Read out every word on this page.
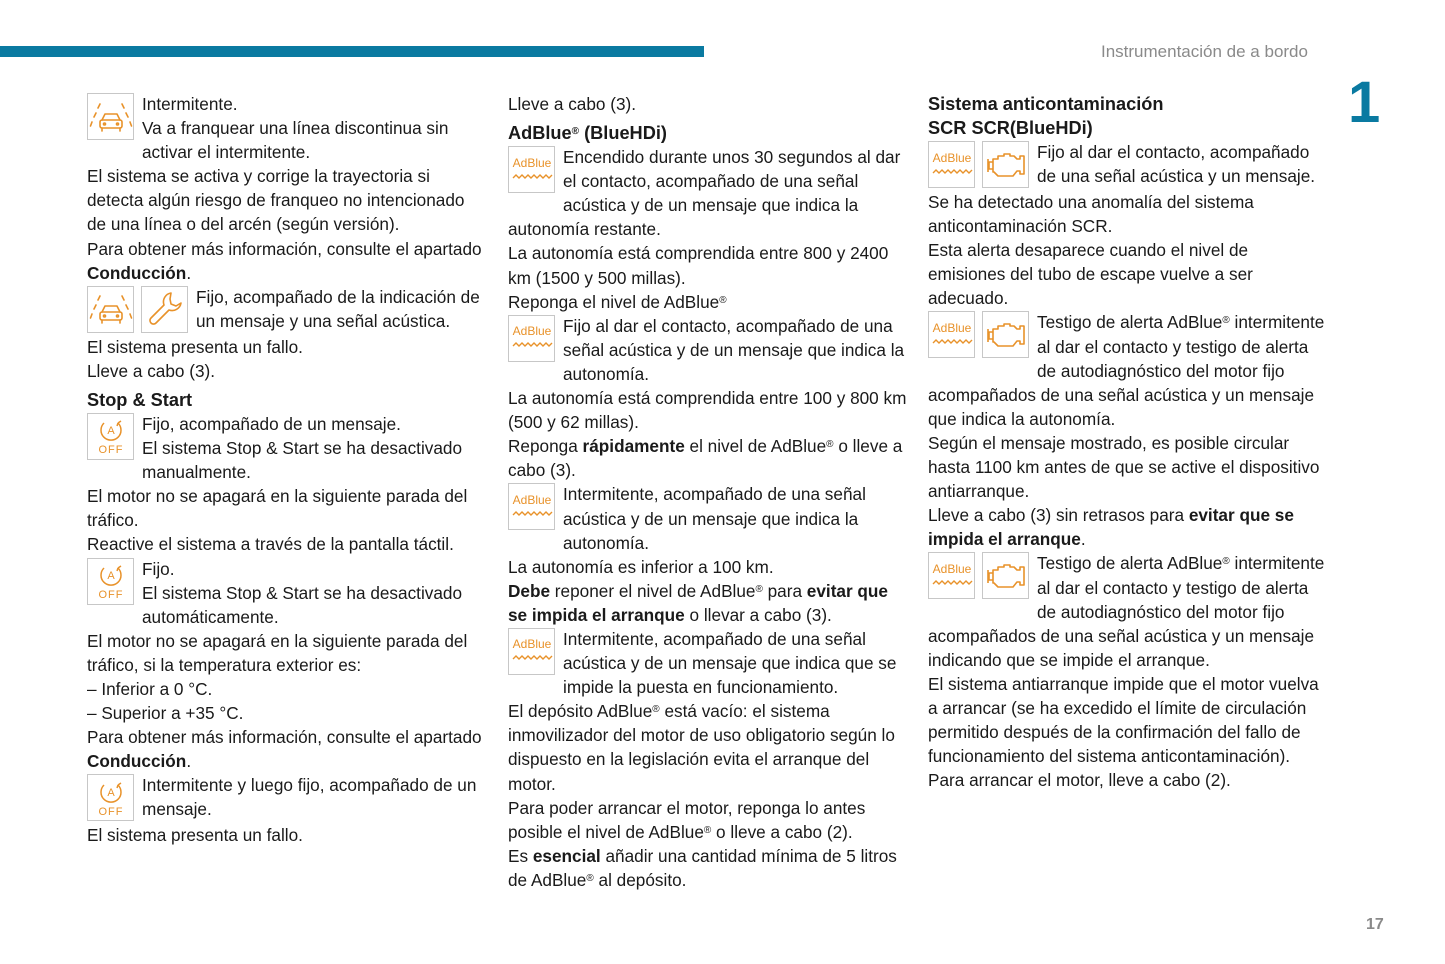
Instrumentación de a bordo
1
17

Intermitente.

Va a franquear una línea discontinua sin activar el intermitente.

El sistema se activa y corrige la trayectoria si detecta algún riesgo de franqueo no intencionado de una línea o del arcén (según versión).

Para obtener más información, consulte el apartado Conducción.

Fijo, acompañado de la indicación de un mensaje y una señal acústica.

El sistema presenta un fallo.

Lleve a cabo (3).

Stop & Start
A
OFF

Fijo, acompañado de un mensaje.

El sistema Stop & Start se ha desactivado manualmente.

El motor no se apagará en la siguiente parada del tráfico.

Reactive el sistema a través de la pantalla táctil.

A
OFF

Fijo.

El sistema Stop & Start se ha desactivado automáticamente.

El motor no se apagará en la siguiente parada del tráfico, si la temperatura exterior es:

– Inferior a 0 °C.

– Superior a +35 °C.

Para obtener más información, consulte el apartado Conducción.

A
OFF

Intermitente y luego fijo, acompañado de un mensaje.

El sistema presenta un fallo.

Lleve a cabo (3).

AdBlue® (BlueHDi)
AdBlue Encendido durante unos 30 segundos al dar el contacto, acompañado de una señal acústica y de un mensaje que indica la autonomía restante.

La autonomía está comprendida entre 800 y 2400 km (1500 y 500 millas).

Reponga el nivel de AdBlue®

AdBlue Fijo al dar el contacto, acompañado de una señal acústica y de un mensaje que indica la autonomía.

La autonomía está comprendida entre 100 y 800 km (500 y 62 millas).

Reponga rápidamente el nivel de AdBlue® o lleve a cabo (3).

AdBlue Intermitente, acompañado de una señal acústica y de un mensaje que indica la autonomía.

La autonomía es inferior a 100 km.

Debe reponer el nivel de AdBlue® para evitar que se impida el arranque o llevar a cabo (3).

AdBlue Intermitente, acompañado de una señal acústica y de un mensaje que indica que se impide la puesta en funcionamiento.

El depósito AdBlue® está vacío: el sistema inmovilizador del motor de uso obligatorio según lo dispuesto en la legislación evita el arranque del motor.

Para poder arrancar el motor, reponga lo antes posible el nivel de AdBlue® o lleve a cabo (2).

Es esencial añadir una cantidad mínima de 5 litros de AdBlue® al depósito.

Sistema anticontaminación
SCR SCR(BlueHDi)
AdBlue	Fijo al dar el contacto, acompañado de una señal acústica y un mensaje.

Se ha detectado una anomalía del sistema anticontaminación SCR.

Esta alerta desaparece cuando el nivel de emisiones del tubo de escape vuelve a ser adecuado.

AdBlue	Testigo de alerta AdBlue® intermitente al dar el contacto y testigo de alerta de autodiagnóstico del motor fijo acompañados de una señal acústica y un mensaje que indica la autonomía.

Según el mensaje mostrado, es posible circular hasta 1100 km antes de que se active el dispositivo antiarranque.

Lleve a cabo (3) sin retrasos para evitar que se impida el arranque.

AdBlue	Testigo de alerta AdBlue® intermitente al dar el contacto y testigo de alerta de autodiagnóstico del motor fijo acompañados de una señal acústica y un mensaje indicando que se impide el arranque.

El sistema antiarranque impide que el motor vuelva a arrancar (se ha excedido el límite de circulación permitido después de la confirmación del fallo de funcionamiento del sistema anticontaminación).

Para arrancar el motor, lleve a cabo (2).
